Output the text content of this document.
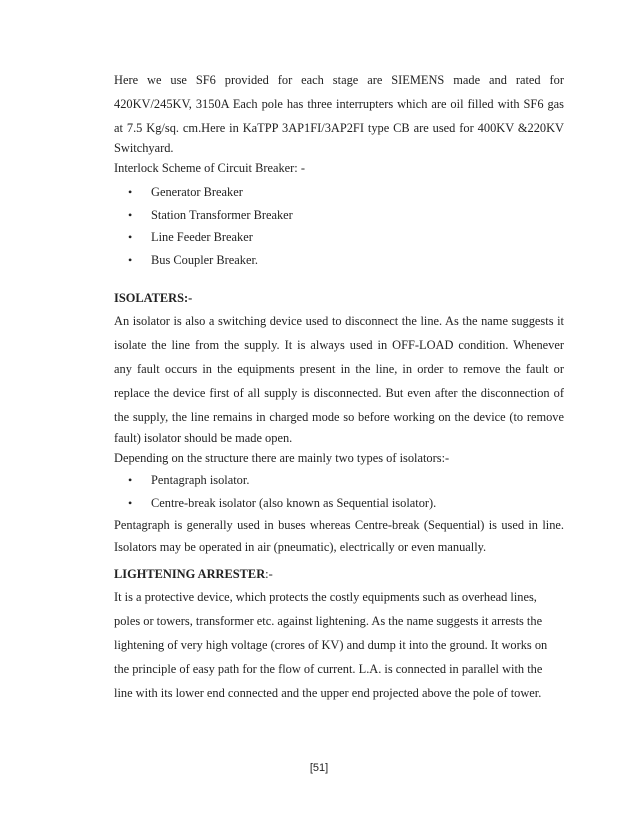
Here we use SF6 provided for each stage are SIEMENS made and rated for
420KV/245KV, 3150A Each pole has three interrupters which are oil filled with SF6 gas
at 7.5 Kg/sq. cm.Here in KaTPP 3AP1FI/3AP2FI type CB are used for 400KV &220KV
Switchyard.
Interlock Scheme of Circuit Breaker: -
• Generator Breaker
• Station Transformer Breaker
• Line Feeder Breaker
• Bus Coupler Breaker.
ISOLATERS:-
An isolator is also a switching device used to disconnect the line. As the name suggests it
isolate the line from the supply. It is always used in OFF-LOAD condition. Whenever
any fault occurs in the equipments present in the line, in order to remove the fault or
replace the device first of all supply is disconnected. But even after the disconnection of
the supply, the line remains in charged mode so before working on the device (to remove
fault) isolator should be made open.
Depending on the structure there are mainly two types of isolators:-
• Pentagraph isolator.
• Centre-break isolator (also known as Sequential isolator).
Pentagraph is generally used in buses whereas Centre-break (Sequential) is used in line.
Isolators may be operated in air (pneumatic), electrically or even manually.
LIGHTENING ARRESTER:-
It is a protective device, which protects the costly equipments such as overhead lines,
poles or towers, transformer etc. against lightening. As the name suggests it arrests the
lightening of very high voltage (crores of KV) and dump it into the ground. It works on
the principle of easy path for the flow of current. L.A. is connected in parallel with the
line with its lower end connected and the upper end projected above the pole of tower.
[51]
